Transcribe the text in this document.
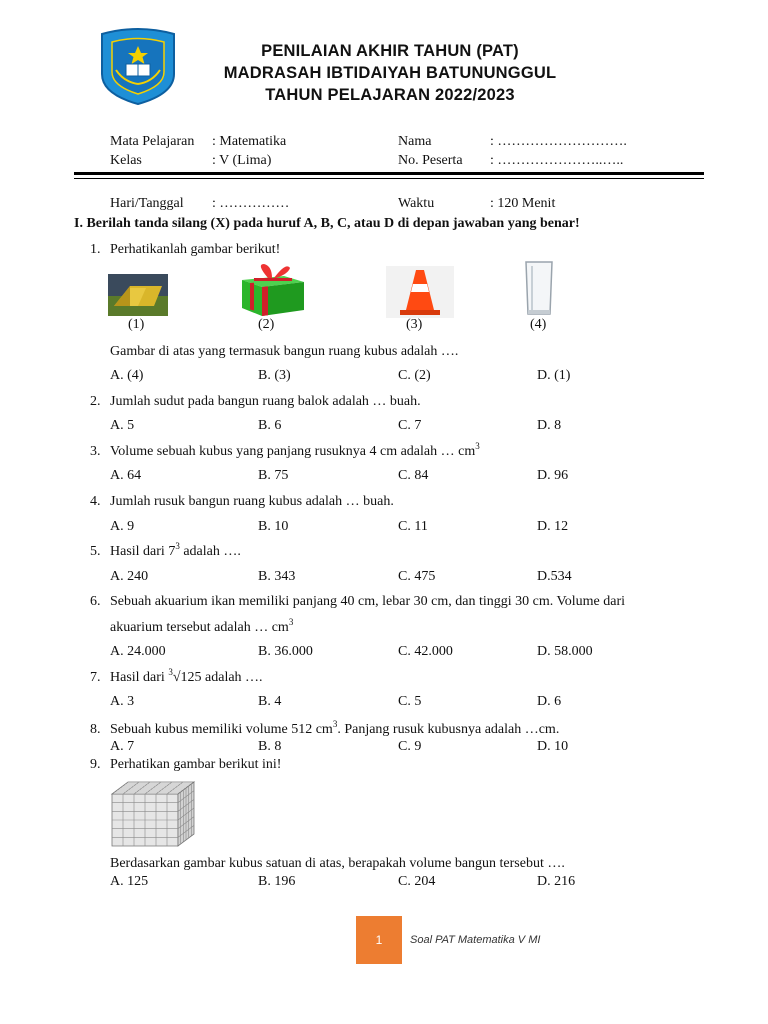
PENILAIAN AKHIR TAHUN (PAT)
MADRASAH IBTIDAIYAH BATUNUNGGUL
TAHUN PELAJARAN 2022/2023
Mata Pelajaran : Matematika	Nama	: ……………………….
Kelas	: V (Lima)	No. Peserta : …………………..…..
Hari/Tanggal : ……………	Waktu	: 120 Menit
I. Berilah tanda silang (X) pada huruf A, B, C, atau D di depan jawaban yang benar!
1. Perhatikanlah gambar berikut!
(1)	(2)	(3)	(4)
Gambar di atas yang termasuk bangun ruang kubus adalah ….
A. (4)	B. (3)	C. (2)	D. (1)
2. Jumlah sudut pada bangun ruang balok adalah … buah.
A. 5	B. 6	C. 7	D. 8
3. Volume sebuah kubus yang panjang rusuknya 4 cm adalah … $cm^3$
A. 64	B. 75	C. 84	D. 96
4. Jumlah rusuk bangun ruang kubus adalah … buah.
A. 9	B. 10	C. 11	D. 12
5. Hasil dari $7^3$ adalah ….
A. 240	B. 343	C. 475	D.534
6. Sebuah akuarium ikan memiliki panjang 40 cm, lebar 30 cm, dan tinggi 30 cm. Volume dari
akuarium tersebut adalah … $cm^3$
A. 24.000	B. 36.000	C. 42.000	D. 58.000
7. Hasil dari $^3$√125 adalah ….
A. 3	B. 4	C. 5	D. 6
8. Sebuah kubus memiliki volume 512 $cm^3$. Panjang rusuk kubusnya adalah …cm.
A. 7	B. 8	C. 9	D. 10
9. Perhatikan gambar berikut ini!
Berdasarkan gambar kubus satuan di atas, berapakah volume bangun tersebut ….
A. 125	B. 196	C. 204	D. 216
1	Soal PAT Matematika V MI
